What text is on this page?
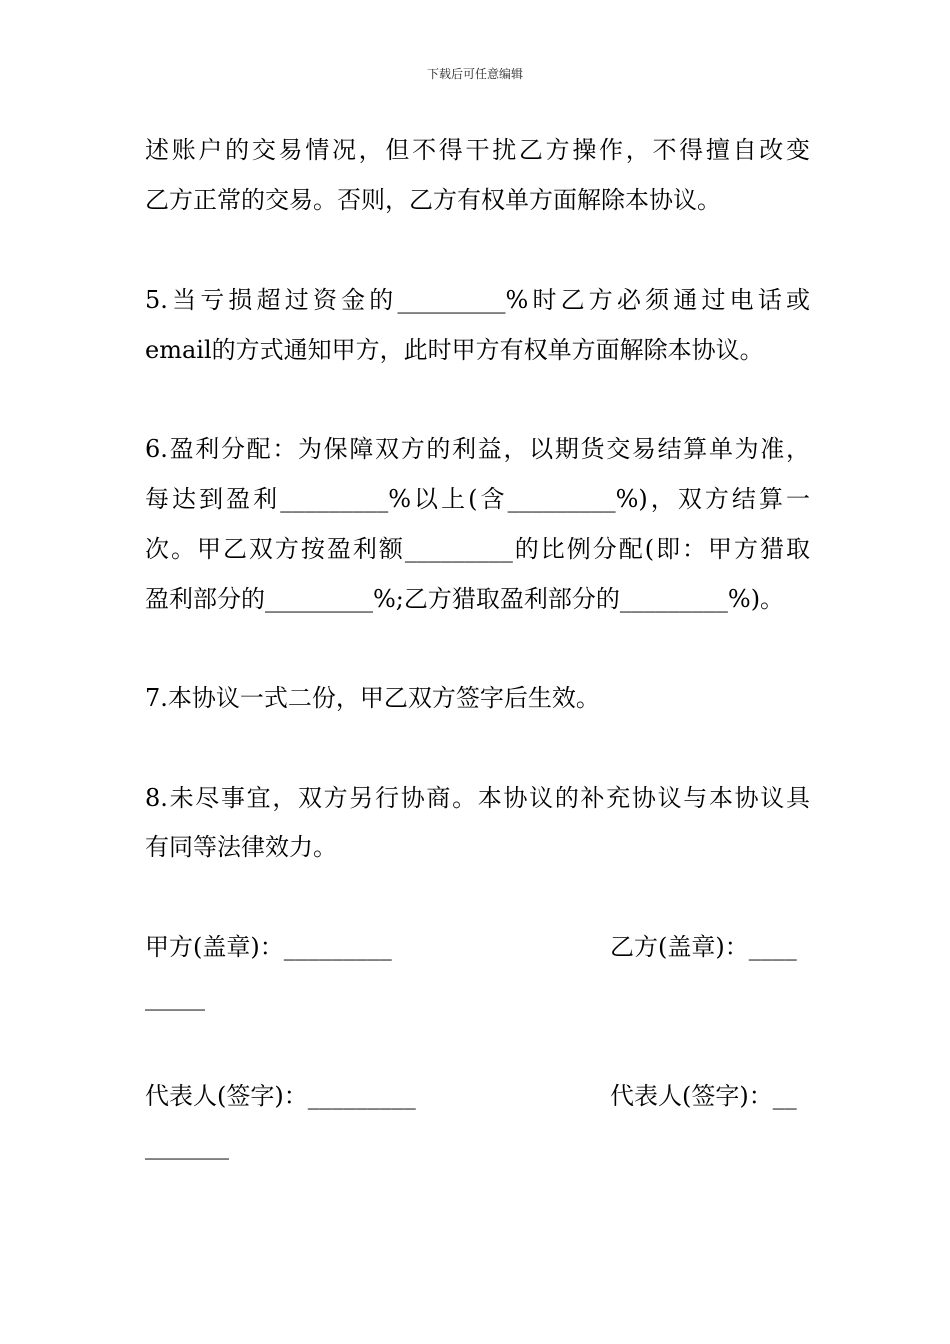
下载后可任意编辑
述账户的交易情况，但不得干扰乙方操作，不得擅自改变
乙方正常的交易。否则，乙方有权单方面解除本协议。
5.当亏损超过资金的_________%时乙方必须通过电话或
email的方式通知甲方，此时甲方有权单方面解除本协议。
6.盈利分配：为保障双方的利益，以期货交易结算单为准，
每达到盈利_________%以上(含_________%)，双方结算一
次。甲乙双方按盈利额_________的比例分配(即：甲方猎取
盈利部分的_________%;乙方猎取盈利部分的_________%)。
7.本协议一式二份，甲乙双方签字后生效。
8.未尽事宜，双方另行协商。本协议的补充协议与本协议具
有同等法律效力。
甲方(盖章)：_________	乙方(盖章)：____
_____
代表人(签字)：_________	代表人(签字)：__
_______
